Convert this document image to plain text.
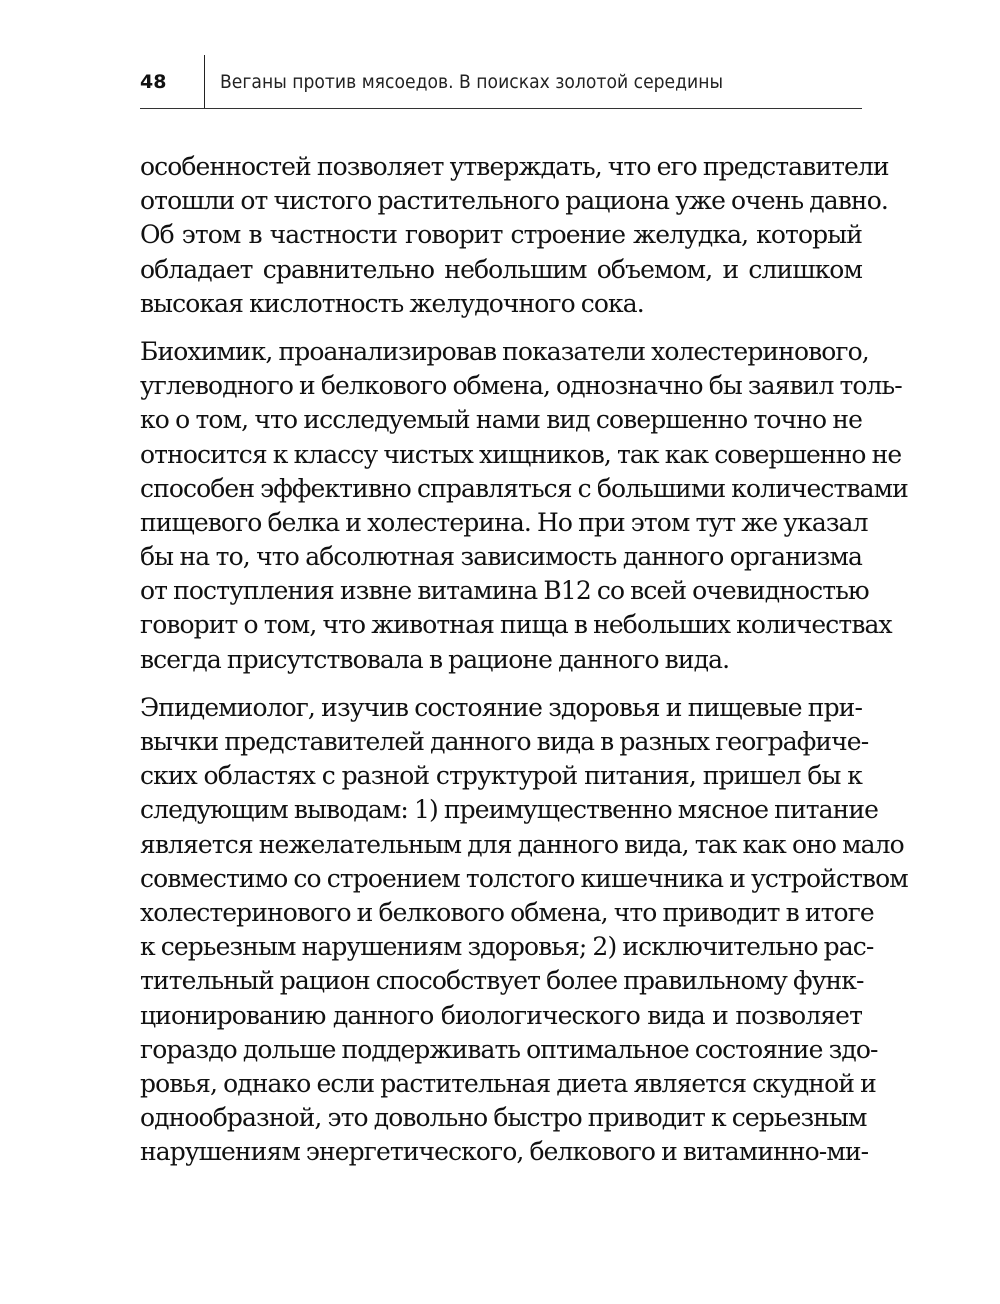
48	Веганы против мясоедов. В поисках золотой середины

особенностей позволяет утверждать, что его представители
отошли от чистого растительного рациона уже очень давно.
Об этом в частности говорит строение желудка, который
обладает сравнительно небольшим объемом, и слишком
высокая кислотность желудочного сока.

Биохимик, проанализировав показатели холестеринового,
углеводного и белкового обмена, однозначно бы заявил толь-
ко о том, что исследуемый нами вид совершенно точно не
относится к классу чистых хищников, так как совершенно не
способен эффективно справляться с большими количествами
пищевого белка и холестерина. Но при этом тут же указал
бы на то, что абсолютная зависимость данного организма
от поступления извне витамина B12 со всей очевидностью
говорит о том, что животная пища в небольших количествах
всегда присутствовала в рационе данного вида.

Эпидемиолог, изучив состояние здоровья и пищевые при-
вычки представителей данного вида в разных географиче-
ских областях с разной структурой питания, пришел бы к
следующим выводам: 1) преимущественно мясное питание
является нежелательным для данного вида, так как оно мало
совместимо со строением толстого кишечника и устройством
холестеринового и белкового обмена, что приводит в итоге
к серьезным нарушениям здоровья; 2) исключительно рас-
тительный рацион способствует более правильному функ-
ционированию данного биологического вида и позволяет
гораздо дольше поддерживать оптимальное состояние здо-
ровья, однако если растительная диета является скудной и
однообразной, это довольно быстро приводит к серьезным
нарушениям энергетического, белкового и витаминно-ми-
